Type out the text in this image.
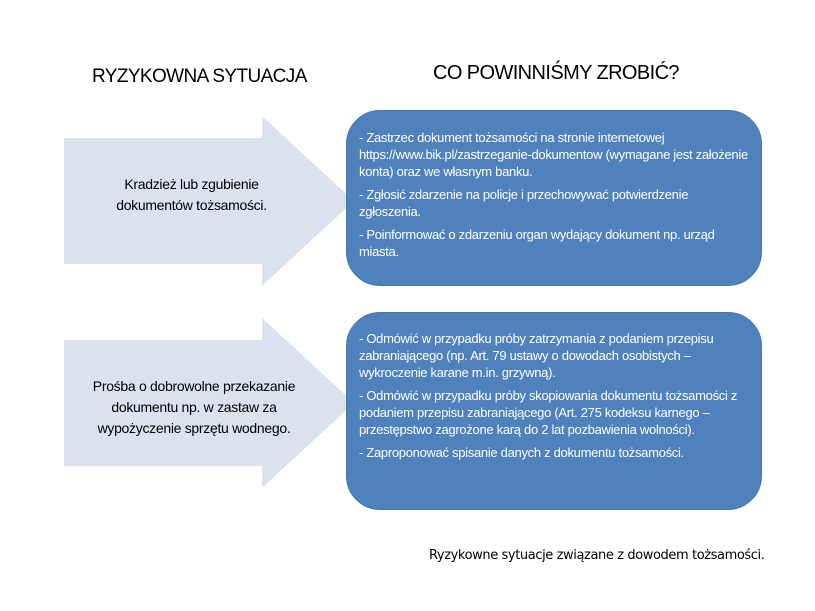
RYZYKOWNA SYTUACJA	CO POWINNIŚMY ZROBIĆ?
Kradzież lub zgubienie
dokumentów tożsamości.

- Zastrzec dokument tożsamości na stronie internetowej https://www.bik.pl/zastrzeganie-dokumentow (wymagane jest założenie konta) oraz we własnym banku.

- Zgłosić zdarzenie na policje i przechowywać potwierdzenie zgłoszenia.

- Poinformować o zdarzeniu organ wydający dokument np. urząd miasta.

Prośba o dobrowolne przekazanie
dokumentu np. w zastaw za
wypożyczenie sprzętu wodnego.

- Odmówić w przypadku próby zatrzymania z podaniem przepisu zabraniającego (np. Art. 79 ustawy o dowodach osobistych – wykroczenie karane m.in. grzywną).

- Odmówić w przypadku próby skopiowania dokumentu tożsamości z podaniem przepisu zabraniającego (Art. 275 kodeksu karnego – przestępstwo zagrożone karą do 2 lat pozbawienia wolności).

- Zaproponować spisanie danych z dokumentu tożsamości.

Ryzykowne sytuacje związane z dowodem tożsamości.
